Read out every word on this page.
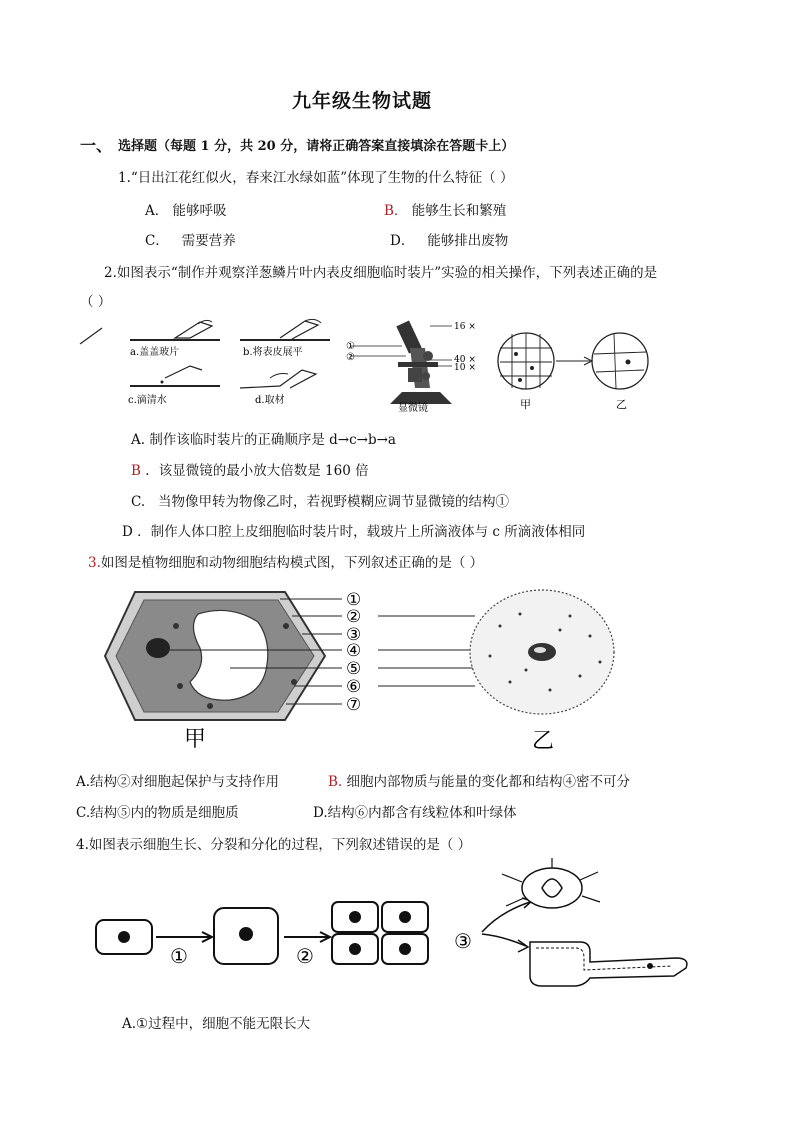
九年级生物试题
一、 选择题（每题 1 分，共 20 分，请将正确答案直接填涂在答题卡上）
1.“日出江花红似火，春来江水绿如蓝”体现了生物的什么特征（ ）
A． 能够呼吸	B． 能够生长和繁殖
C． 需要营养	D． 能够排出废物
2.如图表示“制作并观察洋葱鳞片叶内表皮细胞临时装片”实验的相关操作，下列表述正确的是
（ ）
a.盖盖玻片	b.将表皮展平
c.滴清水	d.取材
①
②
16 ×
40 ×
10 ×
显微镜	甲	乙
A. 制作该临时装片的正确顺序是 d→c→b→a
B ．该显微镜的最小放大倍数是 160 倍
C. 当物像甲转为物像乙时，若视野模糊应调节显微镜的结构①
D ．制作人体口腔上皮细胞临时装片时，载玻片上所滴液体与 c 所滴液体相同
3.如图是植物细胞和动物细胞结构模式图，下列叙述正确的是（ ）
①
②
③
④
⑤
⑥
⑦
甲	乙
A.结构②对细胞起保护与支持作用	B. 细胞内部物质与能量的变化都和结构④密不可分
C.结构⑤内的物质是细胞质	D.结构⑥内都含有线粒体和叶绿体
4.如图表示细胞生长、分裂和分化的过程，下列叙述错误的是（ ）
①	②
③
A.①过程中，细胞不能无限长大
